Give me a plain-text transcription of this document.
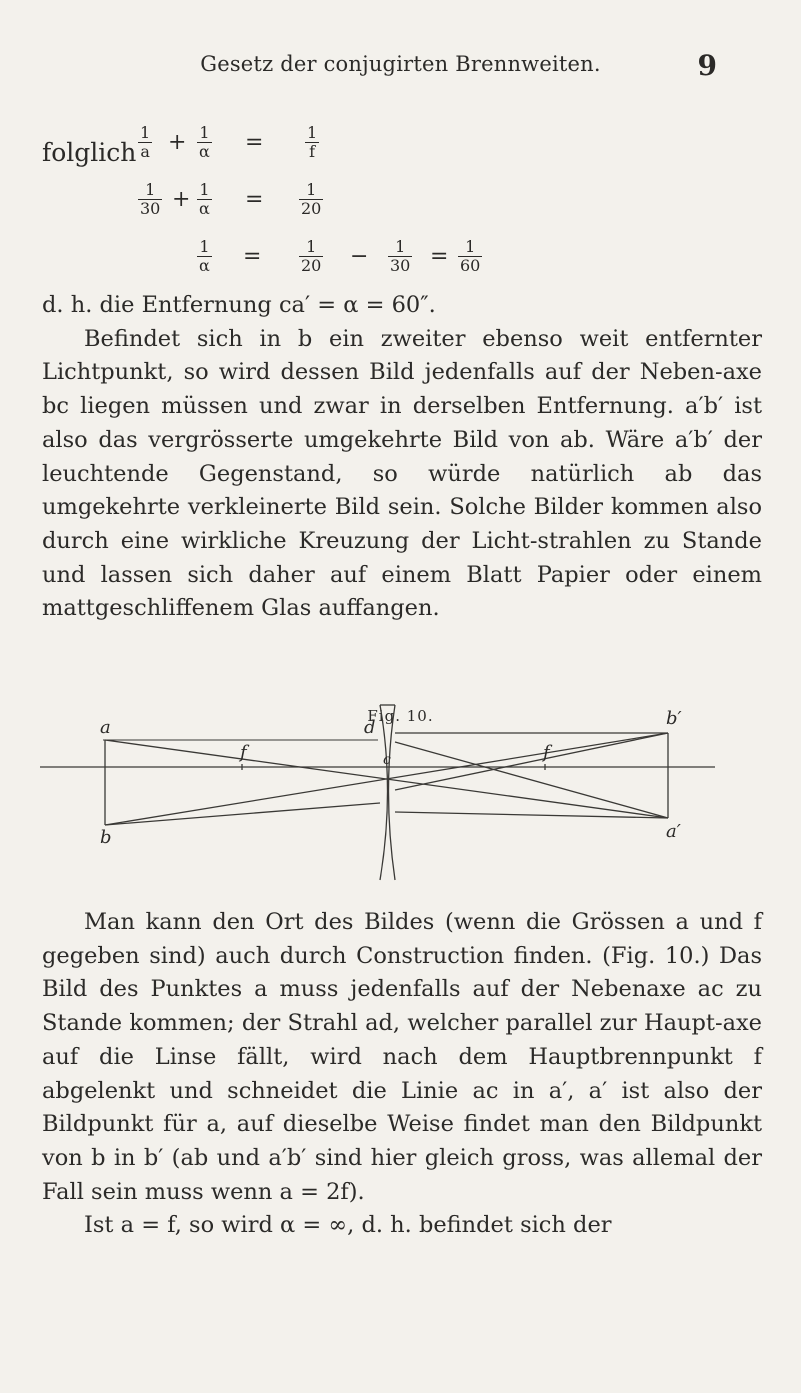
Gesetz der conjugirten Brennweiten.	9
folglich $\frac{1}{a} + \frac{1}{\alpha}$ =	$\frac{1}{f}$
$\frac{1}{30} + \frac{1}{\alpha} = \frac{1}{20}$
$\frac{1}{\alpha} = \frac{1}{20} - \frac{1}{30} = \frac{1}{60}$

d. h. die Entfernung ca′ = α = 60″.

Befindet sich in b ein zweiter ebenso weit entfernter Lichtpunkt, so wird dessen Bild jedenfalls auf der Neben-axe bc liegen müssen und zwar in derselben Entfernung. a′b′ ist also das vergrösserte umgekehrte Bild von ab. Wäre a′b′ der leuchtende Gegenstand, so würde natürlich ab das umgekehrte verkleinerte Bild sein. Solche Bilder kommen also durch eine wirkliche Kreuzung der Licht-strahlen zu Stande und lassen sich daher auf einem Blatt Papier oder einem mattgeschliffenem Glas auffangen.

Fig. 10.
a
b
d
c
f	f
b′
a′

Man kann den Ort des Bildes (wenn die Grössen a und f gegeben sind) auch durch Construction finden. (Fig. 10.) Das Bild des Punktes a muss jedenfalls auf der Nebenaxe ac zu Stande kommen; der Strahl ad, welcher parallel zur Haupt-axe auf die Linse fällt, wird nach dem Hauptbrennpunkt f abgelenkt und schneidet die Linie ac in a′, a′ ist also der Bildpunkt für a, auf dieselbe Weise findet man den Bildpunkt von b in b′ (ab und a′b′ sind hier gleich gross, was allemal der Fall sein muss wenn a = 2f).

Ist a = f, so wird α = ∞, d. h. befindet sich der
